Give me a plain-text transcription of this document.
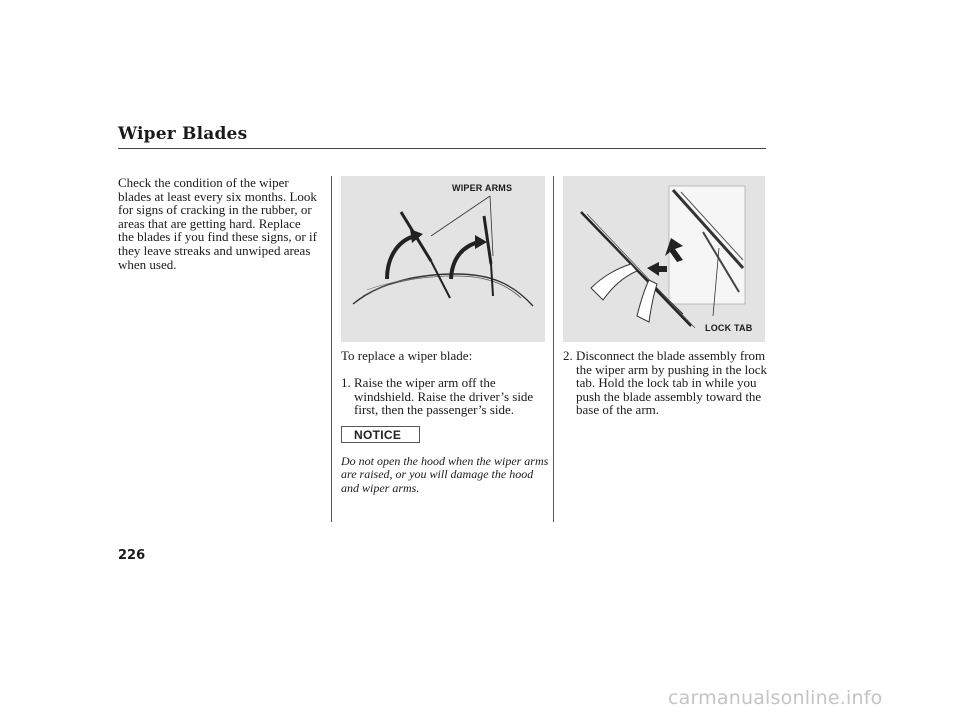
Wiper Blades
Check the condition of the wiper blades at least every six months. Look for signs of cracking in the rubber, or areas that are getting hard. Replace the blades if you find these signs, or if they leave streaks and unwiped areas when used.
WIPER ARMS
LOCK TAB
To replace a wiper blade:
1. Raise the wiper arm off the windshield. Raise the driver’s side first, then the passenger’s side.
2. Disconnect the blade assembly from the wiper arm by pushing in the lock tab. Hold the lock tab in while you push the blade assembly toward the base of the arm.
NOTICE
Do not open the hood when the wiper arms are raised, or you will damage the hood and wiper arms.
226
carmanualsonline.info
